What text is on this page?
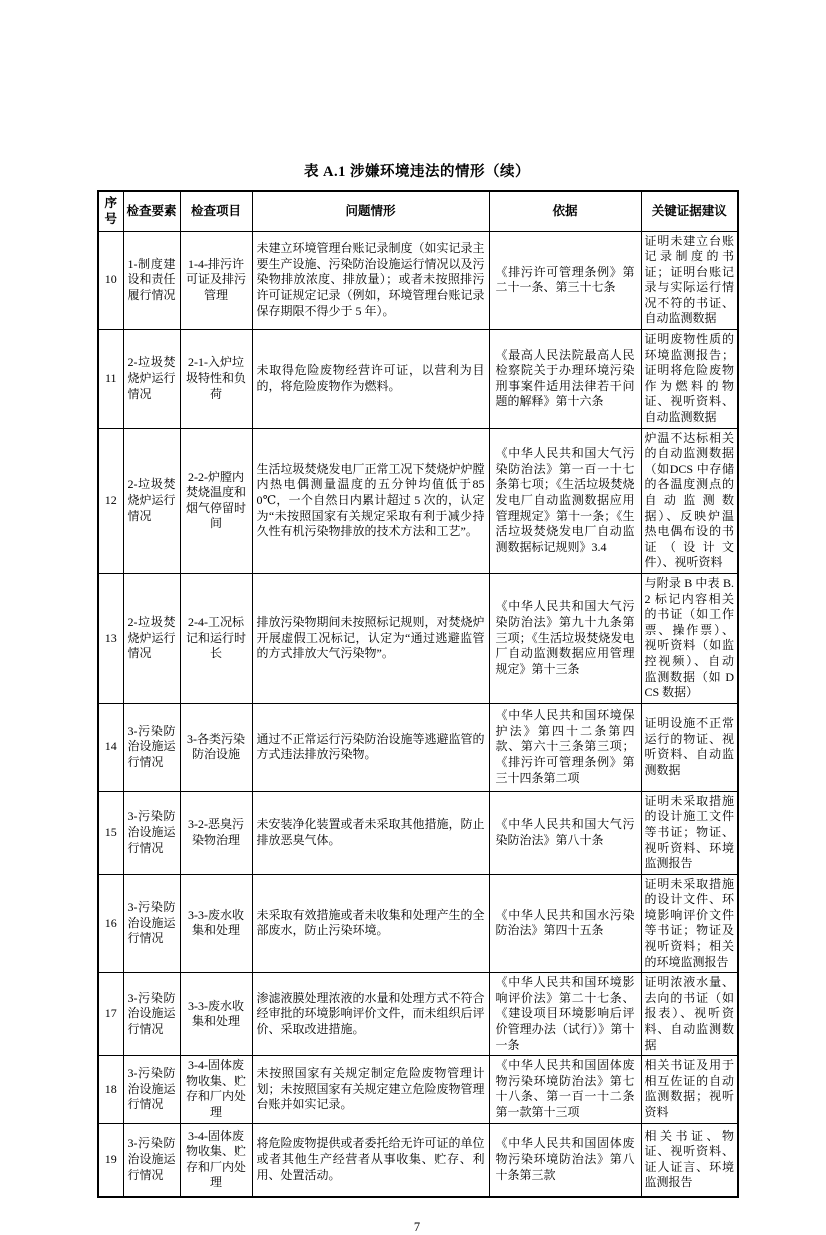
表 A.1 涉嫌环境违法的情形（续）
序号	检查要素	检查项目	问题情形	依据	关键证据建议
10	1-制度建设和责任履行情况	1-4-排污许可证及排污管理	未建立环境管理台账记录制度（如实记录主要生产设施、污染防治设施运行情况以及污染物排放浓度、排放量）；或者未按照排污许可证规定记录（例如，环境管理台账记录保存期限不得少于 5 年）。	《排污许可管理条例》第二十一条、第三十七条	证明未建立台账记录制度的书证；证明台账记录与实际运行情况不符的书证、自动监测数据
11	2-垃圾焚烧炉运行情况	2-1-入炉垃圾特性和负荷	未取得危险废物经营许可证，以营利为目的，将危险废物作为燃料。	《最高人民法院最高人民检察院关于办理环境污染刑事案件适用法律若干问题的解释》第十六条	证明废物性质的环境监测报告；证明将危险废物作为燃料的物证、视听资料、自动监测数据
12	2-垃圾焚烧炉运行情况	2-2-炉膛内焚烧温度和烟气停留时间	生活垃圾焚烧发电厂正常工况下焚烧炉炉膛内热电偶测量温度的五分钟均值低于850℃，一个自然日内累计超过 5 次的，认定为“未按照国家有关规定采取有利于减少持久性有机污染物排放的技术方法和工艺”。	《中华人民共和国大气污染防治法》第一百一十七条第七项；《生活垃圾焚烧发电厂自动监测数据应用管理规定》第十一条；《生活垃圾焚烧发电厂自动监测数据标记规则》3.4	炉温不达标相关的自动监测数据（如DCS 中存储的各温度测点的自动监测数据）、反映炉温热电偶布设的书证（设计文件）、视听资料
13	2-垃圾焚烧炉运行情况	2-4-工况标记和运行时长	排放污染物期间未按照标记规则，对焚烧炉开展虚假工况标记，认定为“通过逃避监管的方式排放大气污染物”。	《中华人民共和国大气污染防治法》第九十九条第三项；《生活垃圾焚烧发电厂自动监测数据应用管理规定》第十三条	与附录 B 中表 B.2 标记内容相关的书证（如工作票、操作票）、视听资料（如监控视频）、自动监测数据（如 DCS 数据）
14	3-污染防治设施运行情况	3-各类污染防治设施	通过不正常运行污染防治设施等逃避监管的方式违法排放污染物。	《中华人民共和国环境保护法》第四十二条第四款、第六十三条第三项；《排污许可管理条例》第三十四条第二项	证明设施不正常运行的物证、视听资料、自动监测数据
15	3-污染防治设施运行情况	3-2-恶臭污染物治理	未安装净化装置或者未采取其他措施，防止排放恶臭气体。	《中华人民共和国大气污染防治法》第八十条	证明未采取措施的设计施工文件等书证；物证、视听资料、环境监测报告
16	3-污染防治设施运行情况	3-3-废水收集和处理	未采取有效措施或者未收集和处理产生的全部废水，防止污染环境。	《中华人民共和国水污染防治法》第四十五条	证明未采取措施的设计文件、环境影响评价文件等书证；物证及视听资料；相关的环境监测报告
17	3-污染防治设施运行情况	3-3-废水收集和处理	渗滤液膜处理浓液的水量和处理方式不符合经审批的环境影响评价文件，而未组织后评价、采取改进措施。	《中华人民共和国环境影响评价法》第二十七条、《建设项目环境影响后评价管理办法（试行）》第十一条	证明浓液水量、去向的书证（如报表）、视听资料、自动监测数据
18	3-污染防治设施运行情况	3-4-固体废物收集、贮存和厂内处理	未按照国家有关规定制定危险废物管理计划；未按照国家有关规定建立危险废物管理台账并如实记录。	《中华人民共和国固体废物污染环境防治法》第七十八条、第一百一十二条第一款第十三项	相关书证及用于相互佐证的自动监测数据；视听资料
19	3-污染防治设施运行情况	3-4-固体废物收集、贮存和厂内处理	将危险废物提供或者委托给无许可证的单位或者其他生产经营者从事收集、贮存、利用、处置活动。	《中华人民共和国固体废物污染环境防治法》第八十条第三款	相关书证、物证、视听资料、证人证言、环境监测报告
7
